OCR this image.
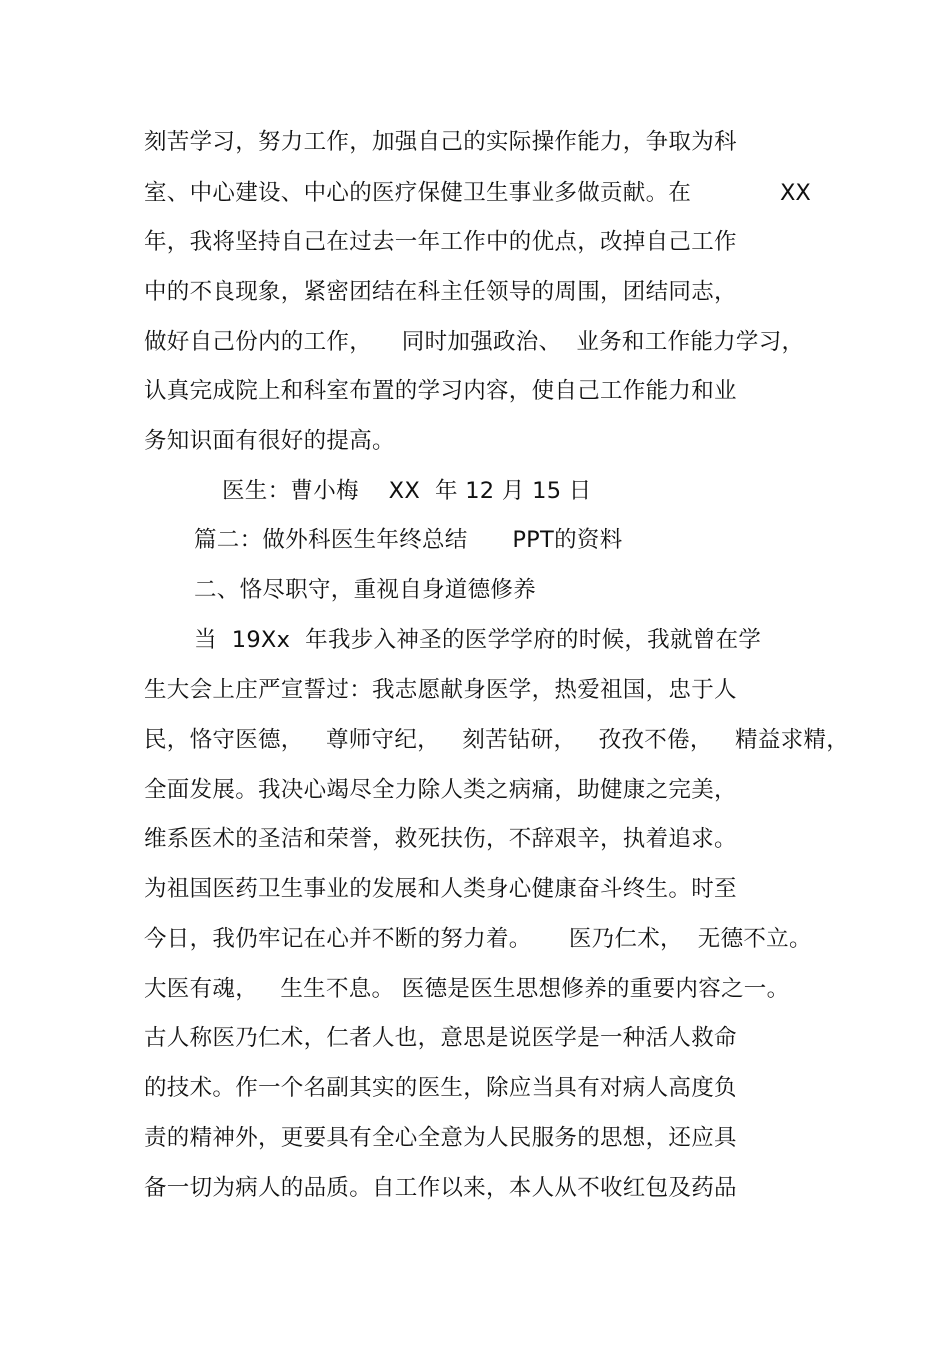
刻苦学习，努力工作，加强自己的实际操作能力，争取为科
室、中心建设、中心的医疗保健卫生事业多做贡献。在	XX
年，我将坚持自己在过去一年工作中的优点，改掉自己工作
中的不良现象，紧密团结在科主任领导的周围，团结同志，
做好自己份内的工作，    同时加强政治、  业务和工作能力学习，
认真完成院上和科室布置的学习内容，使自己工作能力和业
务知识面有很好的提高。
医生：曹小梅    XX  年 12 月 15 日
篇二：做外科医生年终总结      PPT的资料
二、恪尽职守，重视自身道德修养
当  19Xx  年我步入神圣的医学学府的时候，我就曾在学
生大会上庄严宣誓过：我志愿献身医学，热爱祖国，忠于人
民，恪守医德，   尊师守纪，   刻苦钻研，   孜孜不倦，   精益求精，
全面发展。我决心竭尽全力除人类之病痛，助健康之完美，
维系医术的圣洁和荣誉，救死扶伤，不辞艰辛，执着追求。
为祖国医药卫生事业的发展和人类身心健康奋斗终生。时至
今日，我仍牢记在心并不断的努力着。     医乃仁术，  无德不立。
大医有魂，   生生不息。 医德是医生思想修养的重要内容之一。
古人称医乃仁术，仁者人也，意思是说医学是一种活人救命
的技术。作一个名副其实的医生，除应当具有对病人高度负
责的精神外，更要具有全心全意为人民服务的思想，还应具
备一切为病人的品质。自工作以来，本人从不收红包及药品
